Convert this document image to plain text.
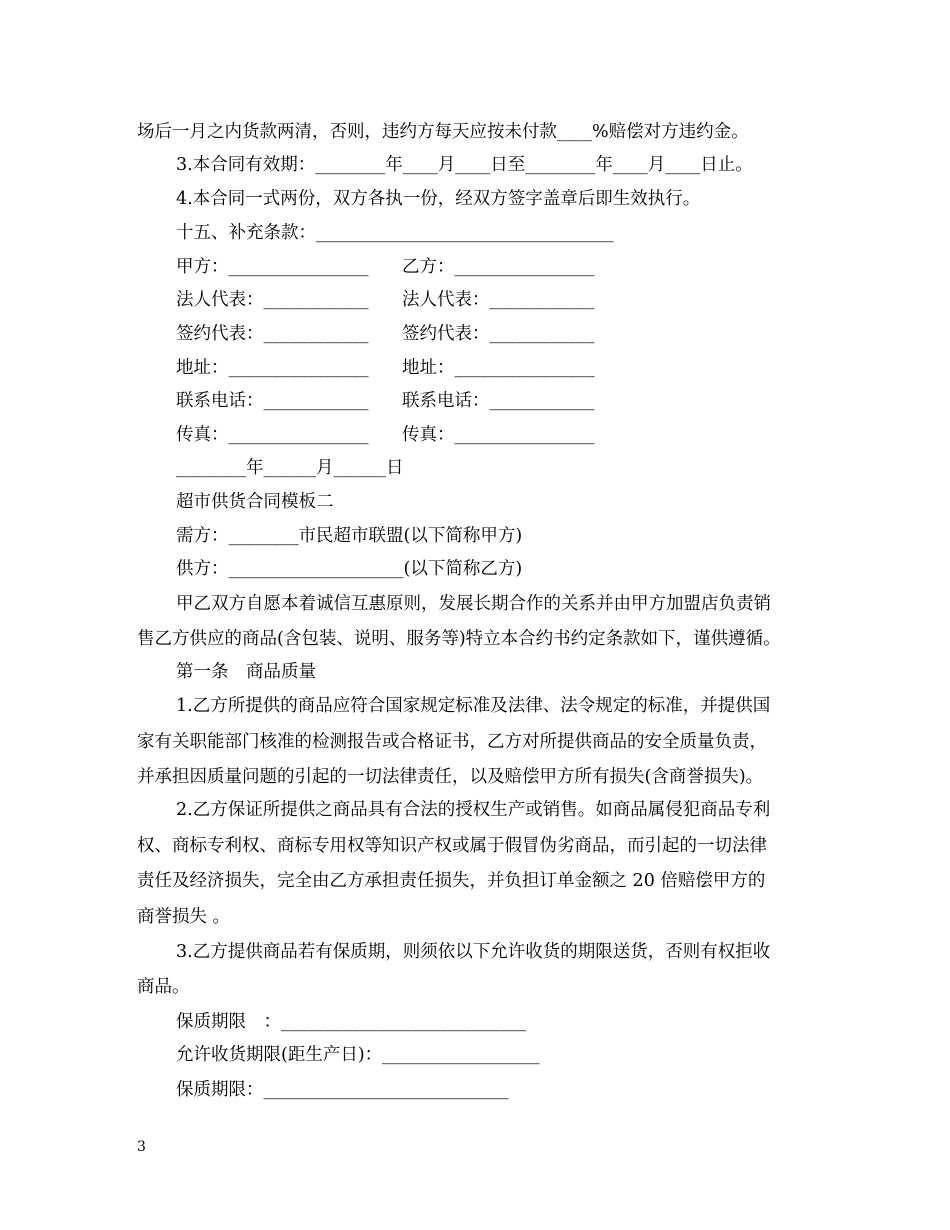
场后一月之内货款两清，否则，违约方每天应按未付款____%赔偿对方违约金。
3.本合同有效期：________年____月____日至________年____月____日止。
4.本合同一式两份，双方各执一份，经双方签字盖章后即生效执行。
十五、补充条款：__________________________________
甲方：________________ 乙方：________________
法人代表：____________ 法人代表：____________
签约代表：____________ 签约代表：____________
地址：________________ 地址：________________
联系电话：____________ 联系电话：____________
传真：________________ 传真：________________
________年______月______日
超市供货合同模板二
需方：________市民超市联盟(以下简称甲方)
供方：____________________(以下简称乙方)
甲乙双方自愿本着诚信互惠原则，发展长期合作的关系并由甲方加盟店负责销
售乙方供应的商品(含包装、说明、服务等)特立本合约书约定条款如下，谨供遵循。
第一条　商品质量
1.乙方所提供的商品应符合国家规定标准及法律、法令规定的标准，并提供国
家有关职能部门核准的检测报告或合格证书，乙方对所提供商品的安全质量负责，
并承担因质量问题的引起的一切法律责任，以及赔偿甲方所有损失(含商誉损失)。
2.乙方保证所提供之商品具有合法的授权生产或销售。如商品属侵犯商品专利
权、商标专利权、商标专用权等知识产权或属于假冒伪劣商品，而引起的一切法律
责任及经济损失，完全由乙方承担责任损失，并负担订单金额之 20 倍赔偿甲方的
商誉损失 。
3.乙方提供商品若有保质期，则须依以下允许收货的期限送货，否则有权拒收
商品。
保质期限　：____________________________
允许收货期限(距生产日)：__________________
保质期限：____________________________
3
